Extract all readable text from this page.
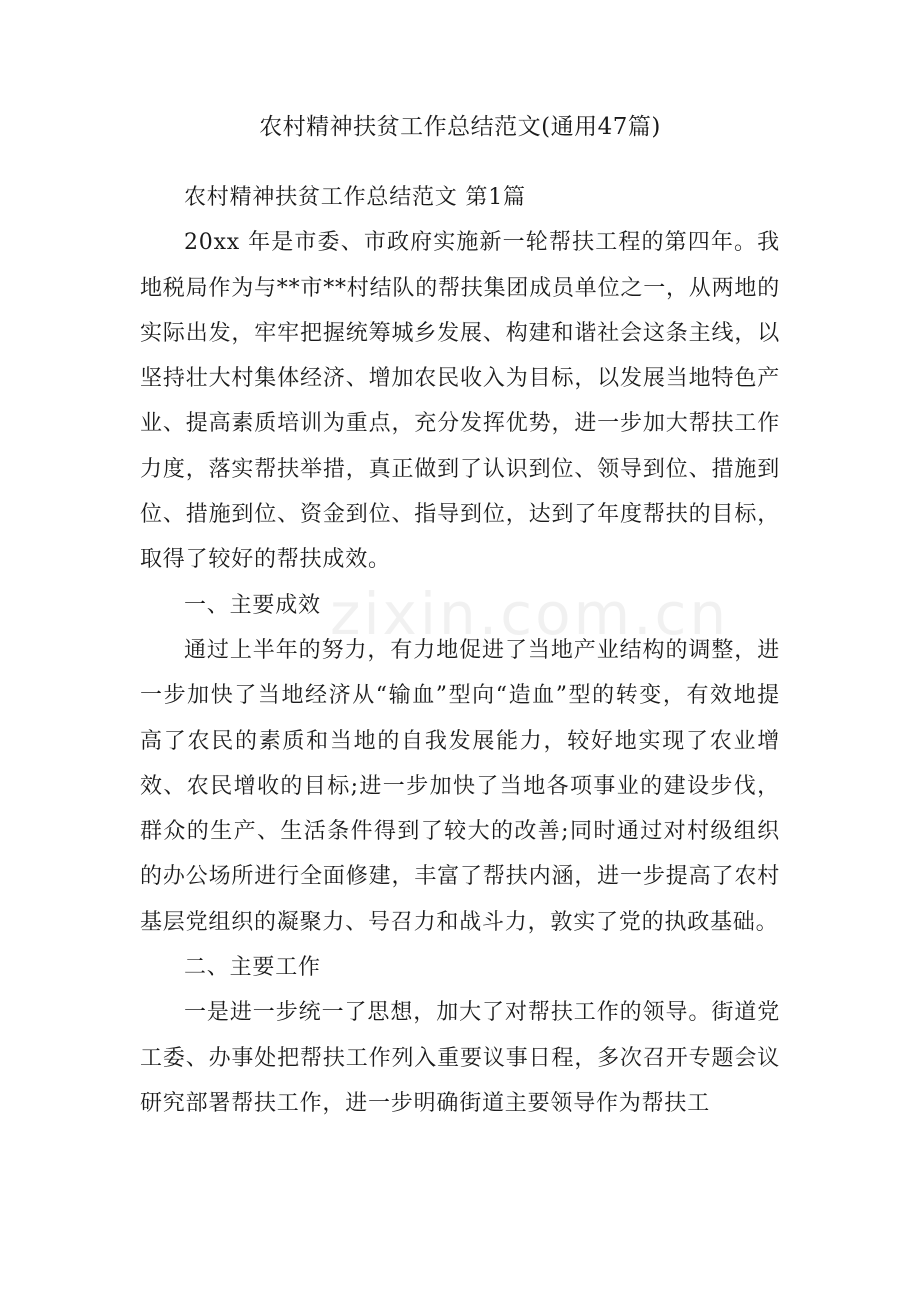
农村精神扶贫工作总结范文(通用47篇)

农村精神扶贫工作总结范文 第1篇

20xx 年是市委、市政府实施新一轮帮扶工程的第四年。我地税局作为与**市**村结队的帮扶集团成员单位之一，从两地的实际出发，牢牢把握统筹城乡发展、构建和谐社会这条主线，以坚持壮大村集体经济、增加农民收入为目标，以发展当地特色产业、提高素质培训为重点，充分发挥优势，进一步加大帮扶工作力度，落实帮扶举措，真正做到了认识到位、领导到位、措施到位、措施到位、资金到位、指导到位，达到了年度帮扶的目标，取得了较好的帮扶成效。

一、主要成效

通过上半年的努力，有力地促进了当地产业结构的调整，进一步加快了当地经济从“输血”型向“造血”型的转变，有效地提高了农民的素质和当地的自我发展能力，较好地实现了农业增效、农民增收的目标;进一步加快了当地各项事业的建设步伐，群众的生产、生活条件得到了较大的改善;同时通过对村级组织的办公场所进行全面修建，丰富了帮扶内涵，进一步提高了农村基层党组织的凝聚力、号召力和战斗力，敦实了党的执政基础。

二、主要工作

一是进一步统一了思想，加大了对帮扶工作的领导。街道党工委、办事处把帮扶工作列入重要议事日程，多次召开专题会议研究部署帮扶工作，进一步明确街道主要领导作为帮扶工

zixin.com.cn
